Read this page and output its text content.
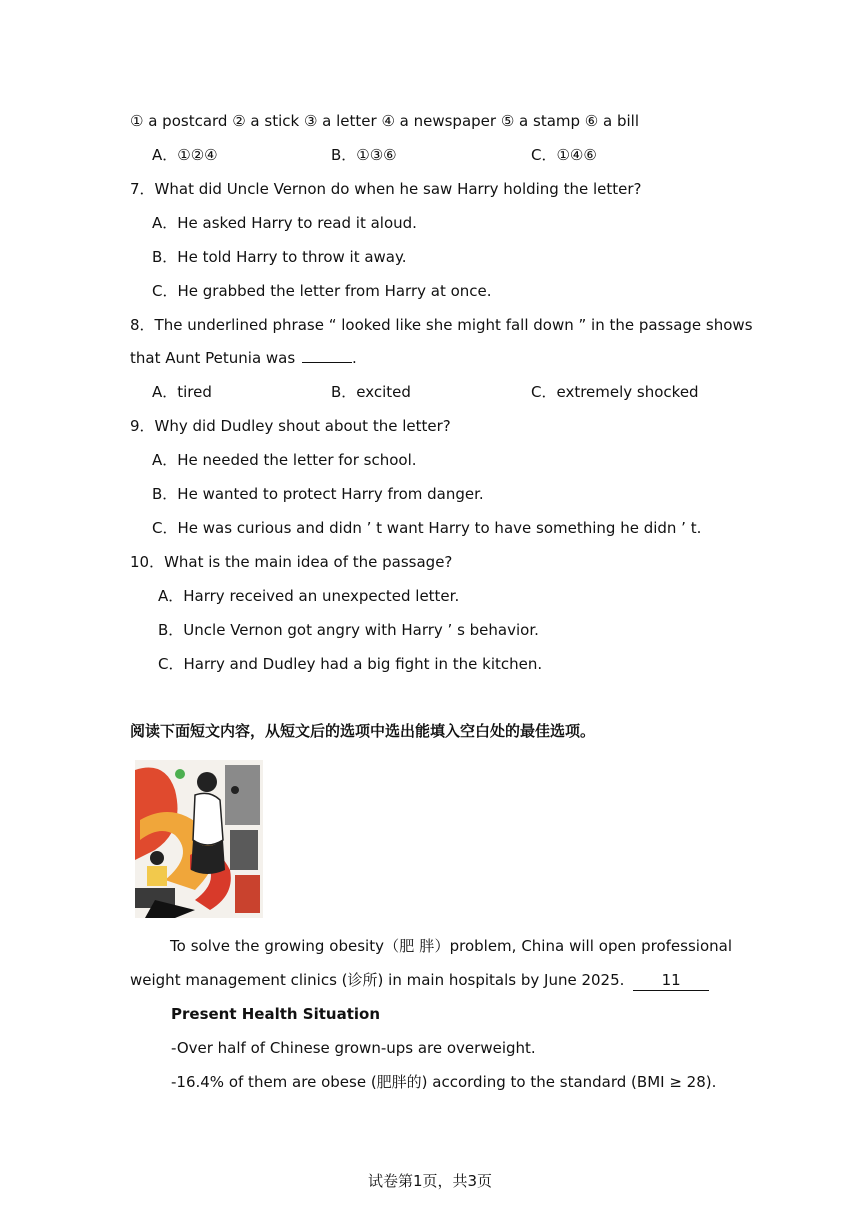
① a postcard ② a stick ③ a letter ④ a newspaper ⑤ a stamp ⑥ a bill
A．①②④	B．①③⑥	C．①④⑥
7．What did Uncle Vernon do when he saw Harry holding the letter?
A．He asked Harry to read it aloud.
B．He told Harry to throw it away.
C．He grabbed the letter from Harry at once.
8．The underlined phrase “ looked like she might fall down ” in the passage shows
that Aunt Petunia was	.
A．tired	B．excited	C．extremely shocked
9．Why did Dudley shout about the letter?
A．He needed the letter for school.
B．He wanted to protect Harry from danger.
C．He was curious and didn ’ t want Harry to have something he didn ’ t.
10．What is the main idea of the passage?
A．Harry received an unexpected letter.
B．Uncle Vernon got angry with Harry ’ s behavior.
C．Harry and Dudley had a big fight in the kitchen.
阅读下面短文内容，从短文后的选项中选出能填入空白处的最佳选项。
To solve the growing obesity（肥 胖）problem, China will open professional
weight management clinics (诊所) in main hospitals by June 2025. 11
Present Health Situation
-Over half of Chinese grown-ups are overweight.
-16.4% of them are obese (肥胖的) according to the standard (BMI ≥ 28).
试卷第1页，共3页
